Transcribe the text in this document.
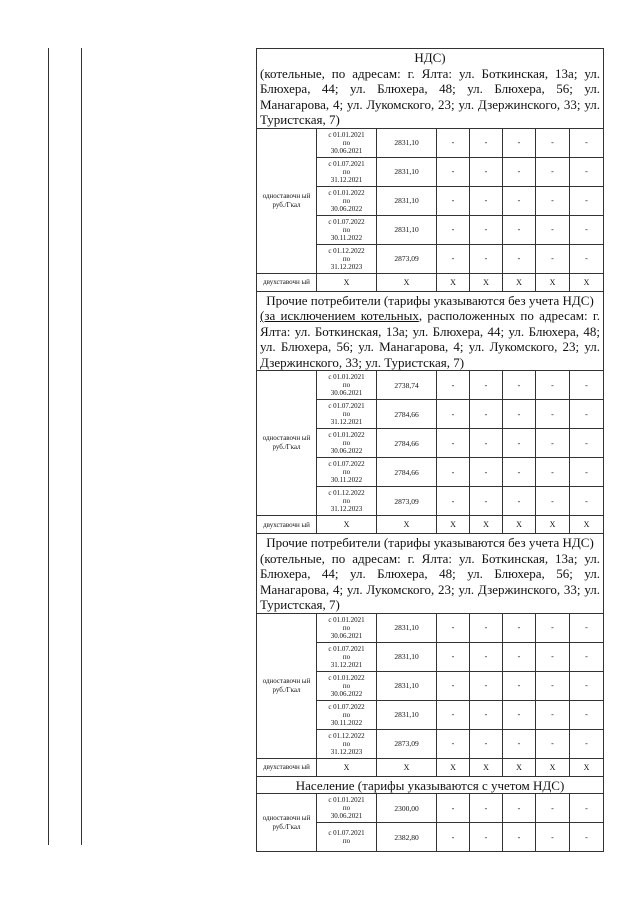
НДС)
(котельные, по адресам: г. Ялта: ул. Боткинская, 13а; ул. Блюхера, 44; ул. Блюхера, 48; ул. Блюхера, 56; ул. Манагарова, 4; ул. Лукомского, 23; ул. Дзержинского, 33; ул. Туристская, 7)							
одноставочн ый руб./Гкал	с 01.01.2021
по
30.06.2021	2831,10	-	-	-	-	-
	с 01.07.2021
по
31.12.2021	2831,10	-	-	-	-	-
	с 01.01.2022
по
30.06.2022	2831,10	-	-	-	-	-
	с 01.07.2022
по
30.11.2022	2831,10	-	-	-	-	-
	с 01.12.2022
по
31.12.2023	2873,09	-	-	-	-	-
двухставочн ый	X	X	X	X	X	X	X

Прочие потребители (тарифы указываются без учета НДС)
(за исключением котельных, расположенных по адресам: г. Ялта: ул. Боткинская, 13а; ул. Блюхера, 44; ул. Блюхера, 48; ул. Блюхера, 56; ул. Манагарова, 4; ул. Лукомского, 23; ул. Дзержинского, 33; ул. Туристская, 7)							
одноставочн ый руб./Гкал	с 01.01.2021
по
30.06.2021	2738,74	-	-	-	-	-
	с 01.07.2021
по
31.12.2021	2784,66	-	-	-	-	-
	с 01.01.2022
по
30.06.2022	2784,66	-	-	-	-	-
	с 01.07.2022
по
30.11.2022	2784,66	-	-	-	-	-
	с 01.12.2022
по
31.12.2023	2873,09	-	-	-	-	-
двухставочн ый	X	X	X	X	X	X	X

Прочие потребители (тарифы указываются без учета НДС)
(котельные, по адресам: г. Ялта: ул. Боткинская, 13а; ул. Блюхера, 44; ул. Блюхера, 48; ул. Блюхера, 56; ул. Манагарова, 4; ул. Лукомского, 23; ул. Дзержинского, 33; ул. Туристская, 7)							
одноставочн ый руб./Гкал	с 01.01.2021
по
30.06.2021	2831,10	-	-	-	-	-
	с 01.07.2021
по
31.12.2021	2831,10	-	-	-	-	-
	с 01.01.2022
по
30.06.2022	2831,10	-	-	-	-	-
	с 01.07.2022
по
30.11.2022	2831,10	-	-	-	-	-
	с 01.12.2022
по
31.12.2023	2873,09	-	-	-	-	-
двухставочн ый	X	X	X	X	X	X	X

Население (тарифы указываются с учетом НДС)							

одноставочн ый руб./Гкал	с 01.01.2021
по
30.06.2021	2300,00	-	-	-	-	-
	с 01.07.2021
по	2382,80	-	-	-	-	-
